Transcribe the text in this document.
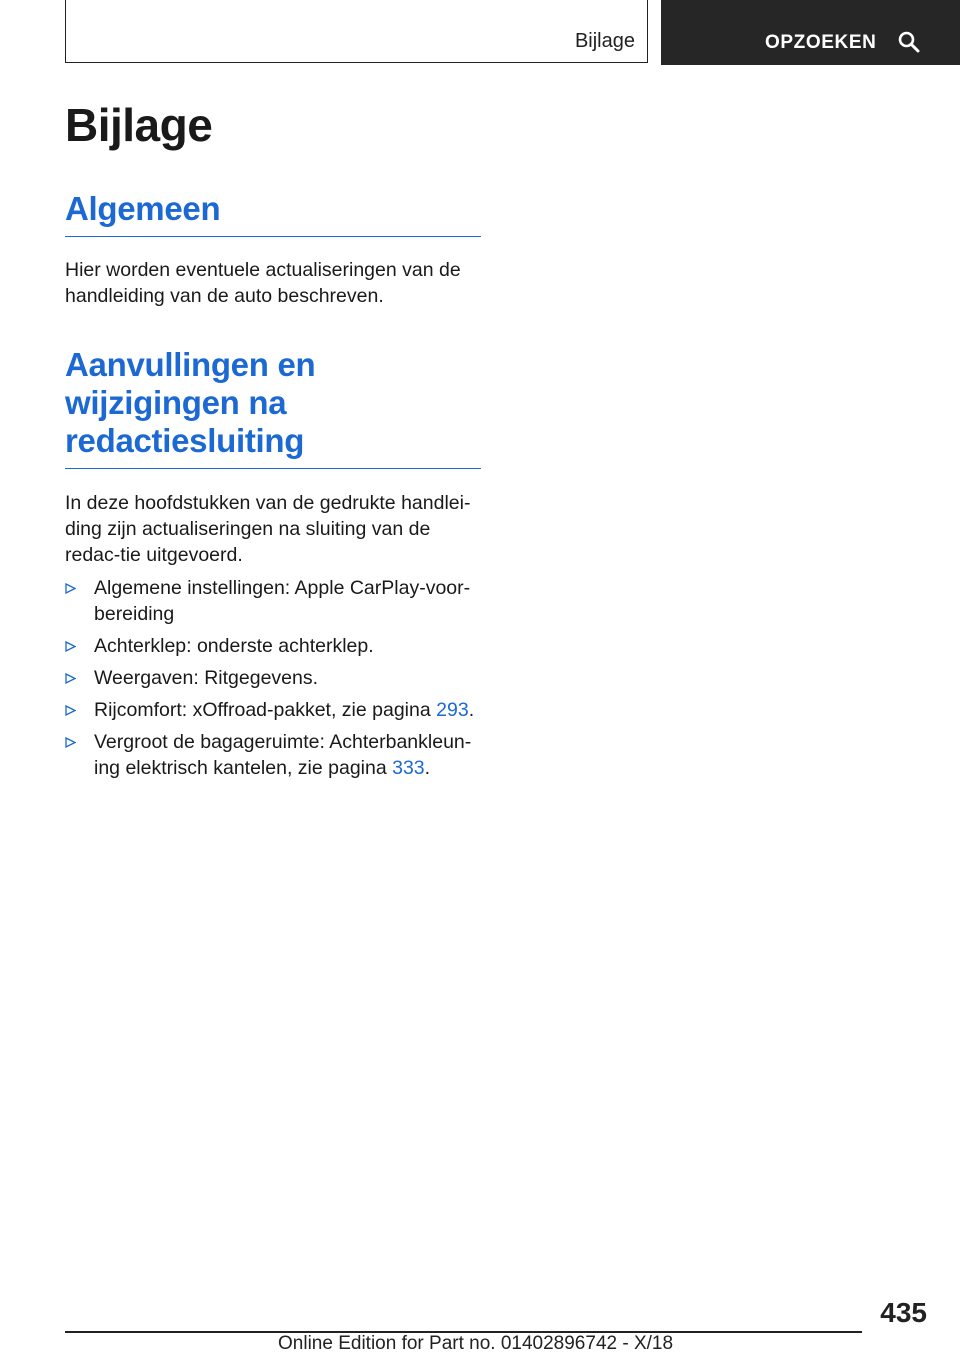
Bijlage	OPZOEKEN
Bijlage
Algemeen

Hier worden eventuele actualiseringen van de handleiding van de auto beschreven.

Aanvullingen en
wijzigingen na
redactiesluiting

In deze hoofdstukken van de gedrukte handlei-ding zijn actualiseringen na sluiting van de redac-tie uitgevoerd.

Algemene instellingen: Apple CarPlay-voor-bereiding
Achterklep: onderste achterklep.
Weergaven: Ritgegevens.
Rijcomfort: xOffroad-pakket, zie pagina 293.
Vergroot de bagageruimte: Achterbankleun-ing elektrisch kantelen, zie pagina 333.
435
Online Edition for Part no. 01402896742 - X/18
